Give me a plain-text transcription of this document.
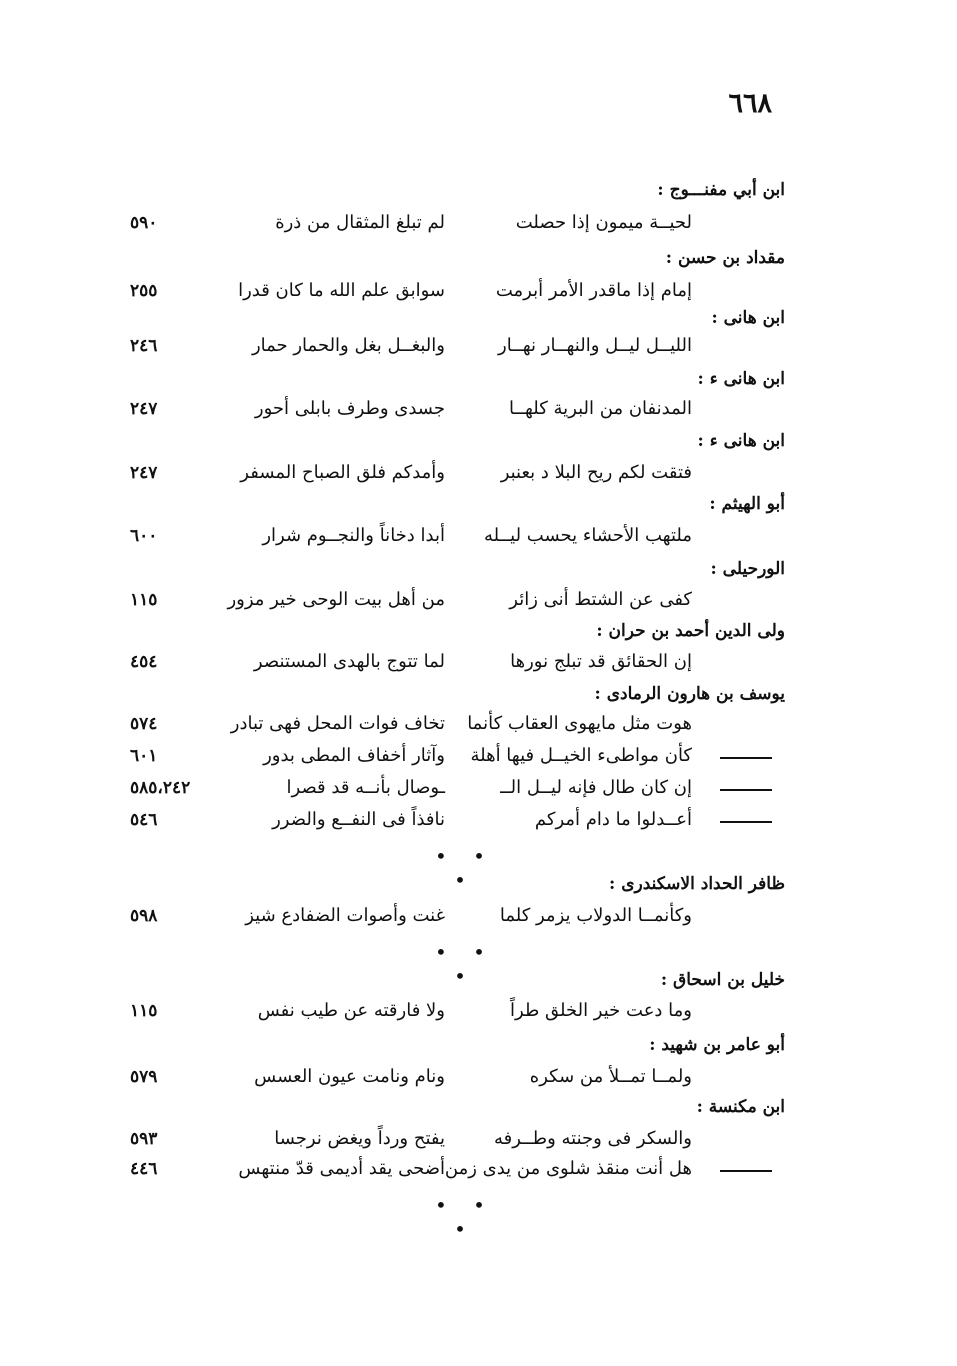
٦٦٨
ابن أبي مفنـــوج :
لحيــة ميمون إذا حصلت
لم تبلغ المثقال من ذرة
٥٩٠
مقداد بن حسن :
إمام إذا ماقدر الأمر أبرمت
سوابق علم الله ما كان قدرا
٢٥٥
ابن هانى :
الليــل ليــل والنهــار نهــار
والبغــل بغل والحمار حمار
٢٤٦
ابن هانى ء :
المدنفان من البرية كلهــا
جسدى وطرف بابلى أحور
٢٤٧
ابن هانى ء :
فتقت لكم ريح البلا د بعنبر
وأمدكم فلق الصباح المسفر
٢٤٧
أبو الهيثم :
ملتهب الأحشاء يحسب ليــله
أبدا دخاناً والنجــوم شرار
٦٠٠
الورحيلى :
كفى عن الشتط أنى زائر
من أهل بيت الوحى خير مزور
١١٥
ولى الدين أحمد بن حران :
إن الحقائق قد تبلج نورها
لما تتوج بالهدى المستنصر
٤٥٤
يوسف بن هارون الرمادى :
هوت مثل مايهوى العقاب كأنما
تخاف فوات المحل فهى تبادر
٥٧٤
كأن مواطىء الخيــل فيها أهلة
وآثار أخفاف المطى بدور
٦٠١
إن كان طال فإنه ليــل الــ
ـوصال بأنــه قد قصرا
٥٨٥،٢٤٢
أعــدلوا ما دام أمركم
نافذاً فى النفــع والضرر
٥٤٦
• • •	ظافر الحداد الاسكندرى :
وكأنمــا الدولاب يزمر كلما
غنت وأصوات الضفادع شيز
٥٩٨
• • •	خليل بن اسحاق :
وما دعت خير الخلق طراً
ولا فارقته عن طيب نفس
١١٥
أبو عامر بن شهيد :
ولمــا تمــلأ من سكره
ونام ونامت عيون العسس
٥٧٩
ابن مكنسة :
والسكر فى وجنته وطــرفه
يفتح ورداً ويغض نرجسا
٥٩٣
هل أنت منقذ شلوى من يدى زمن
أضحى يقد أديمى قدّ منتهس
٤٤٦
• • •
